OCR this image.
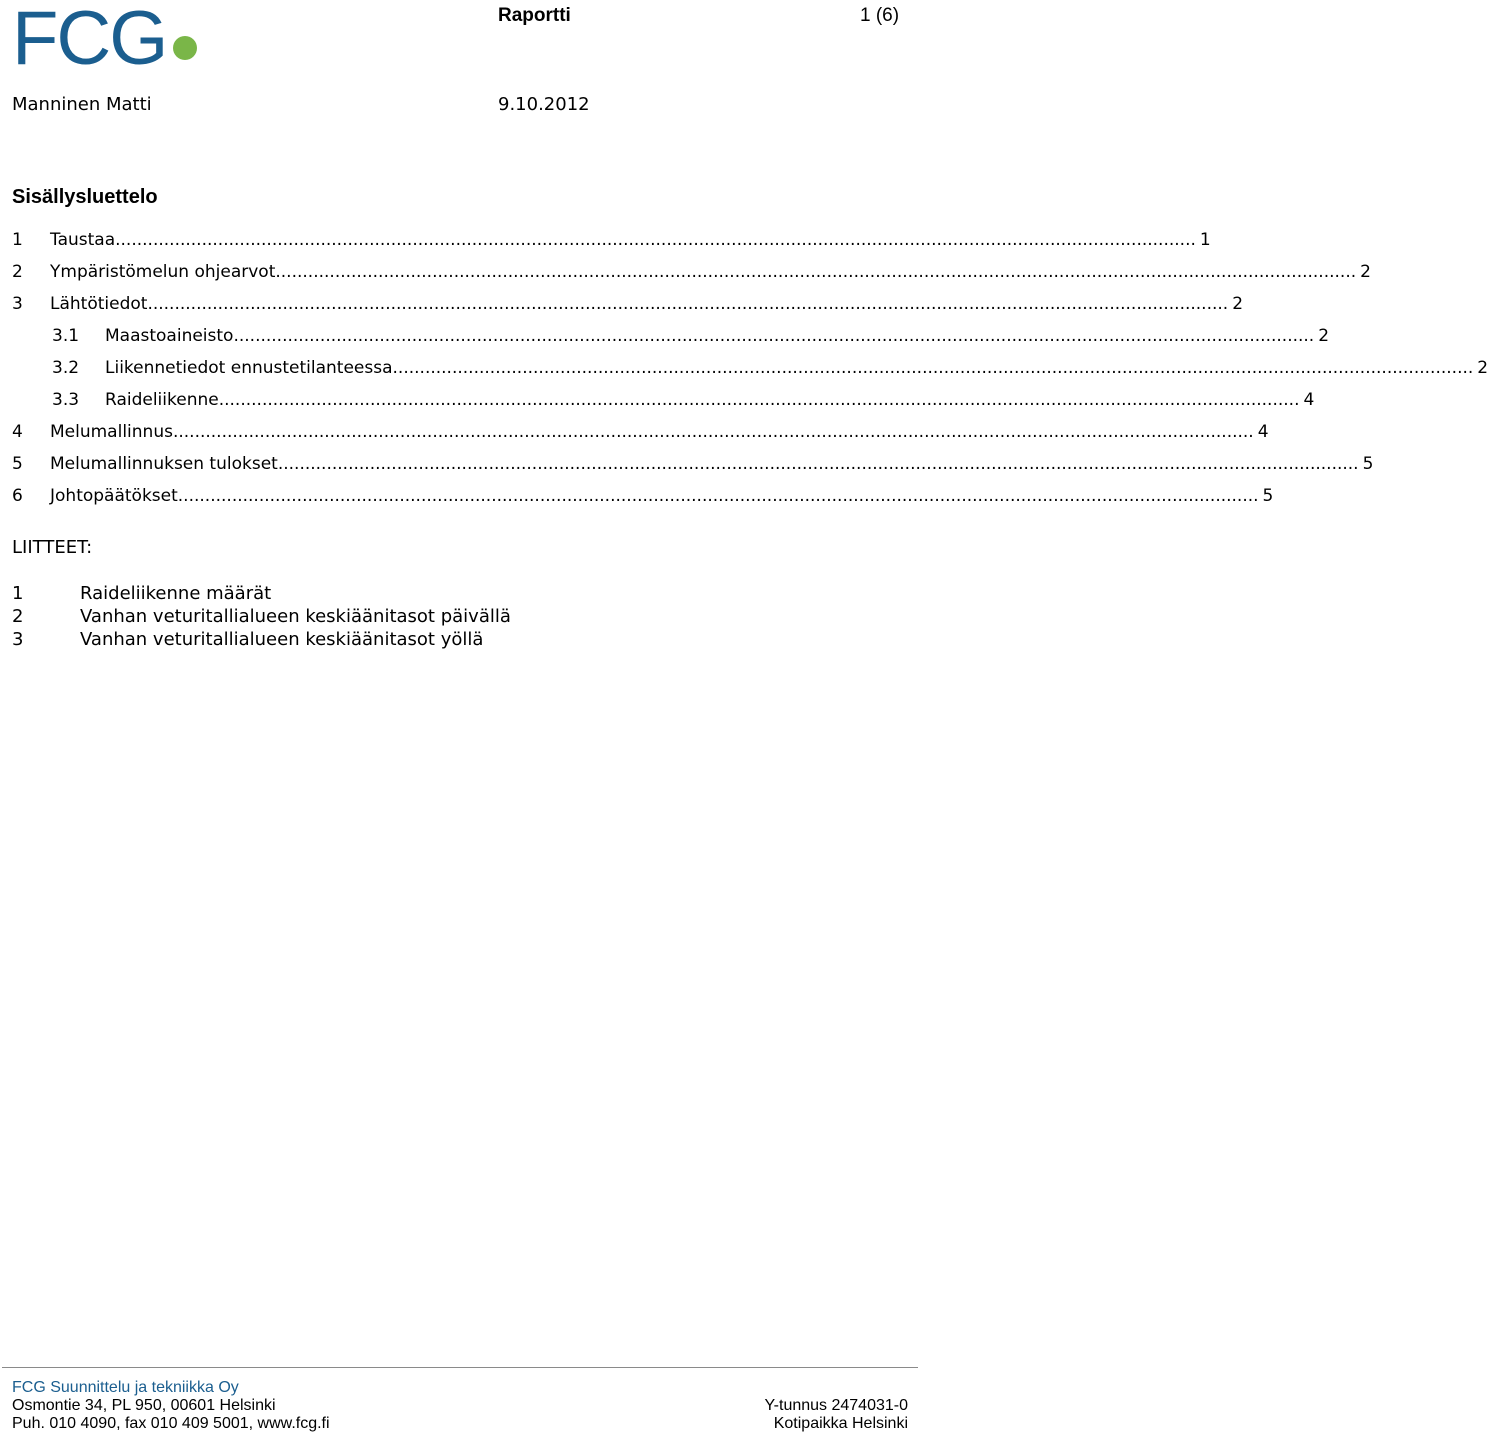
FCG	Raportti	1 (6)
Manninen Matti	9.10.2012
Sisällysluettelo
1 Taustaa ........................................................................................................................................................................................................ 1
2 Ympäristömelun ohjearvot ........................................................................................................................................................................................................ 2
3 Lähtötiedot ........................................................................................................................................................................................................ 2
3.1 Maastoaineisto ........................................................................................................................................................................................................ 2
3.2 Liikennetiedot ennustetilanteessa ........................................................................................................................................................................................................ 2
3.3 Raideliikenne ........................................................................................................................................................................................................ 4
4 Melumallinnus ........................................................................................................................................................................................................ 4
5 Melumallinnuksen tulokset ........................................................................................................................................................................................................ 5
6 Johtopäätökset ........................................................................................................................................................................................................ 5
LIITTEET:
1	Raideliikenne määrät
2	Vanhan veturitallialueen keskiäänitasot päivällä
3	Vanhan veturitallialueen keskiäänitasot yöllä
FCG Suunnittelu ja tekniikka Oy
Osmontie 34, PL 950, 00601 Helsinki
Puh. 010 4090, fax 010 409 5001, www.fcg.fi
Y-tunnus 2474031-0
Kotipaikka Helsinki
